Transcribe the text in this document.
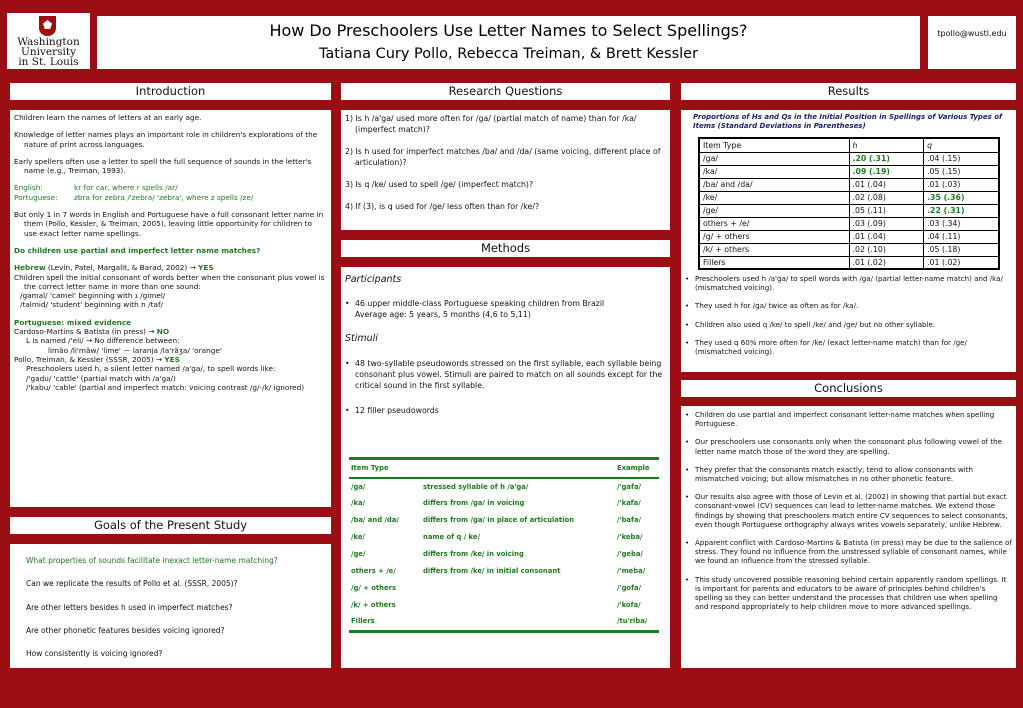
Washington
University
in St. Louis
How Do Preschoolers Use Letter Names to Select Spellings?
Tatiana Cury Pollo, Rebecca Treiman, & Brett Kessler
tpollo@wustl.edu
Introduction

Children learn the names of letters at an early age.

Knowledge of letter names plays an important role in children's explorations of the nature of print across languages.

Early spellers often use a letter to spell the full sequence of sounds in the letter's name (e.g., Treiman, 1993).

English:	kr for car, where r spells /ar/

Portuguese: zbra for zebra /'zebra/ 'zebra', where z spells /ze/

But only 1 in 7 words in English and Portuguese have a full consonant letter name in them (Pollo, Kessler, & Treiman, 2005), leaving little opportunity for children to use exact letter name spellings.

Do children use partial and imperfect letter name matches?

Hebrew (Levin, Patel, Margalit, & Barad, 2002) → YES
Children spell the initial consonant of words better when the consonant plus vowel is the correct letter name in more than one sound:
/gamal/ 'camel' beginning with ג /gimel/

/talmid/ 'student' beginning with ת /taf/

Portuguese: mixed evidence
Cardoso-Martins & Batista (in press) → NO
L is named /'eli/ → No difference between:
limão /li'mãw/ 'lime' — laranja /la'rãʒa/ 'orange'
Pollo, Treiman, & Kessler (SSSR, 2005) → YES
Preschoolers used h, a silent letter named /a'ga/, to spell words like:
/'gadu/ 'cattle' (partial match with /a'ga/)
/'kabu/ 'cable' (partial and imperfect match: voicing contrast /g/-/k/ ignored)
Goals of the Present Study

What properties of sounds facilitate inexact letter-name matching?

Can we replicate the results of Pollo et al. (SSSR, 2005)?

Are other letters besides h used in imperfect matches?

Are other phonetic features besides voicing ignored?

How consistently is voicing ignored?

Research Questions

1) Is h /a'ga/ used more often for /ga/ (partial match of name) than for /ka/ (imperfect match)?

2) Is h used for imperfect matches /ba/ and /da/ (same voicing, different place of articulation)?

3) Is q /ke/ used to spell /ge/ (imperfect match)?

4) If (3), is q used for /ge/ less often than for /ke/?

Methods
Participants
• 46 upper middle-class Portuguese speaking children from Brazil
Average age: 5 years, 5 months (4,6 to 5,11)
Stimuli
• 48 two-syllable pseudowords stressed on the first syllable, each syllable being consonant plus vowel. Stimuli are paired to match on all sounds except for the critical sound in the first syllable.
• 12 filler pseudowords
Item Type		Example
/ga/	stressed syllable of h /a'ga/	/'gafa/
/ka/	differs from /ga/ in voicing	/'kafa/
/ba/ and /da/	differs from /ga/ in place of articulation	/'bafa/
/ke/	name of q / ke/	/'keba/
/ge/	differs from /ke/ in voicing	/'geba/
others + /e/	differs from /ke/ in initial consonant	/'meba/
/g/ + others		/'gofa/
/k/ + others		/'kofa/
Fillers		/tu'riba/
Results
Proportions of Hs and Qs in the Initial Position in Spellings of Various Types of Items (Standard Deviations in Parentheses)
Item Type	h	q
/ga/	.20 (.31)	.04 (.15)
/ka/	.09 (.19)	.05 (.15)
/ba/ and /da/	.01 (.04)	.01 (.03)
/ke/	.02 (.08)	.35 (.36)
/ge/	.05 (.11)	.22 (.31)
others + /e/	.03 (.09)	.03 (.34)
/g/ + others	.01 (.04)	.04 (.11)
/k/ + others	.02 (.10)	.05 (.18)
Fillers	.01 (.02)	.01 (.02)
• Preschoolers used h /a'ga/ to spell words with /ga/ (partial letter-name match) and /ka/ (mismatched voicing).
• They used h for /ga/ twice as often as for /ka/.
• Children also used q /ke/ to spell /ke/ and /ge/ but no other syllable.
• They used q 60% more often for /ke/ (exact letter-name match) than for /ge/ (mismatched voicing).
Conclusions
• Children do use partial and imperfect consonant letter-name matches when spelling Portuguese.
• Our preschoolers use consonants only when the consonant plus following vowel of the letter name match those of the word they are spelling.
• They prefer that the consonants match exactly; tend to allow consonants with mismatched voicing; but allow mismatches in no other phonetic feature.
• Our results also agree with those of Levin et al. (2002) in showing that partial but exact consonant-vowel (CV) sequences can lead to letter-name matches. We extend those findings by showing that preschoolers match entire CV sequences to select consonants, even though Portuguese orthography always writes vowels separately, unlike Hebrew.
• Apparent conflict with Cardoso-Martins & Batista (in press) may be due to the salience of stress. They found no influence from the unstressed syllable of consonant names, while we found an influence from the stressed syllable.
• This study uncovered possible reasoning behind certain apparently random spellings. It is important for parents and educators to be aware of principles behind children's spelling so they can better understand the processes that children use when spelling and respond appropriately to help children move to more advanced spellings.
